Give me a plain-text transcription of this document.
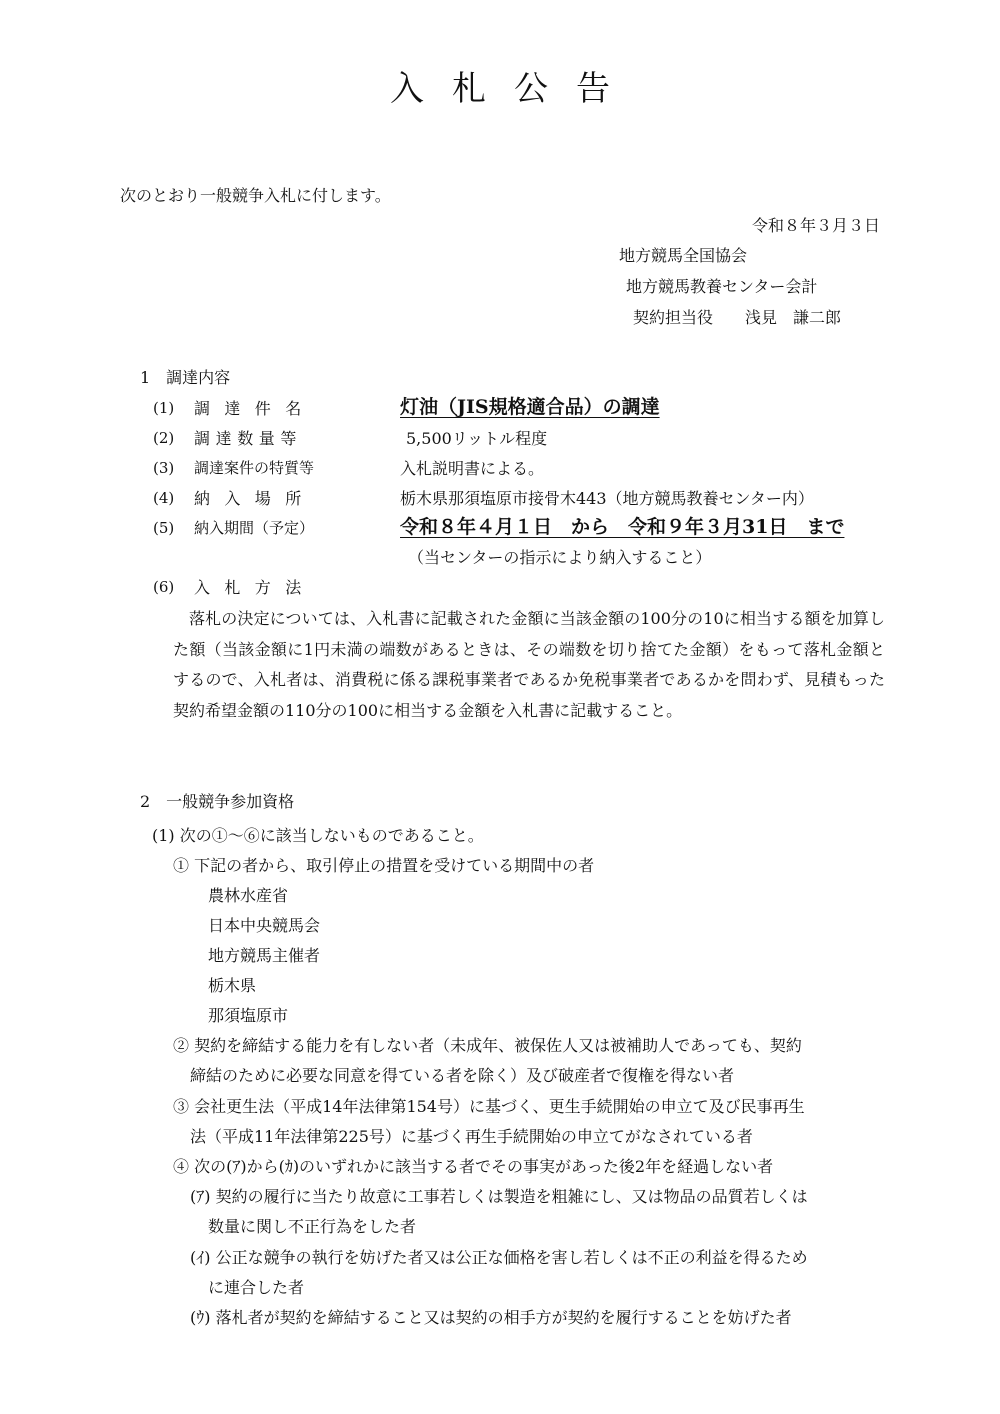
入札公告
次のとおり一般競争入札に付します。
令和８年３月３日
地方競馬全国協会
地方競馬教養センター会計
契約担当役 浅見　謙二郎
1　調達内容
(1) 調達件名	灯油（JIS規格適合品）の調達
(2) 調達数量等	5,500リットル程度
(3) 調達案件の特質等	入札説明書による。
(4) 納入場所	栃木県那須塩原市接骨木443（地方競馬教養センター内）
(5) 納入期間（予定）	令和８年４月１日　から　令和９年３月31日　まで
（当センターの指示により納入すること）
(6) 入札方法
落札の決定については、入札書に記載された金額に当該金額の100分の10に相当する額を加算した額（当該金額に1円未満の端数があるときは、その端数を切り捨てた金額）をもって落札金額とするので、入札者は、消費税に係る課税事業者であるか免税事業者であるかを問わず、見積もった契約希望金額の110分の100に相当する金額を入札書に記載すること。
2　一般競争参加資格
(1) 次の①～⑥に該当しないものであること。
① 下記の者から、取引停止の措置を受けている期間中の者
農林水産省
日本中央競馬会
地方競馬主催者
栃木県
那須塩原市
② 契約を締結する能力を有しない者（未成年、被保佐人又は被補助人であっても、契約
締結のために必要な同意を得ている者を除く）及び破産者で復権を得ない者
③ 会社更生法（平成14年法律第154号）に基づく、更生手続開始の申立て及び民事再生
法（平成11年法律第225号）に基づく再生手続開始の申立てがなされている者
④ 次の(ｱ)から(ｶ)のいずれかに該当する者でその事実があった後2年を経過しない者
(ｱ) 契約の履行に当たり故意に工事若しくは製造を粗雑にし、又は物品の品質若しくは
数量に関し不正行為をした者
(ｲ) 公正な競争の執行を妨げた者又は公正な価格を害し若しくは不正の利益を得るため
に連合した者
(ｳ) 落札者が契約を締結すること又は契約の相手方が契約を履行することを妨げた者
